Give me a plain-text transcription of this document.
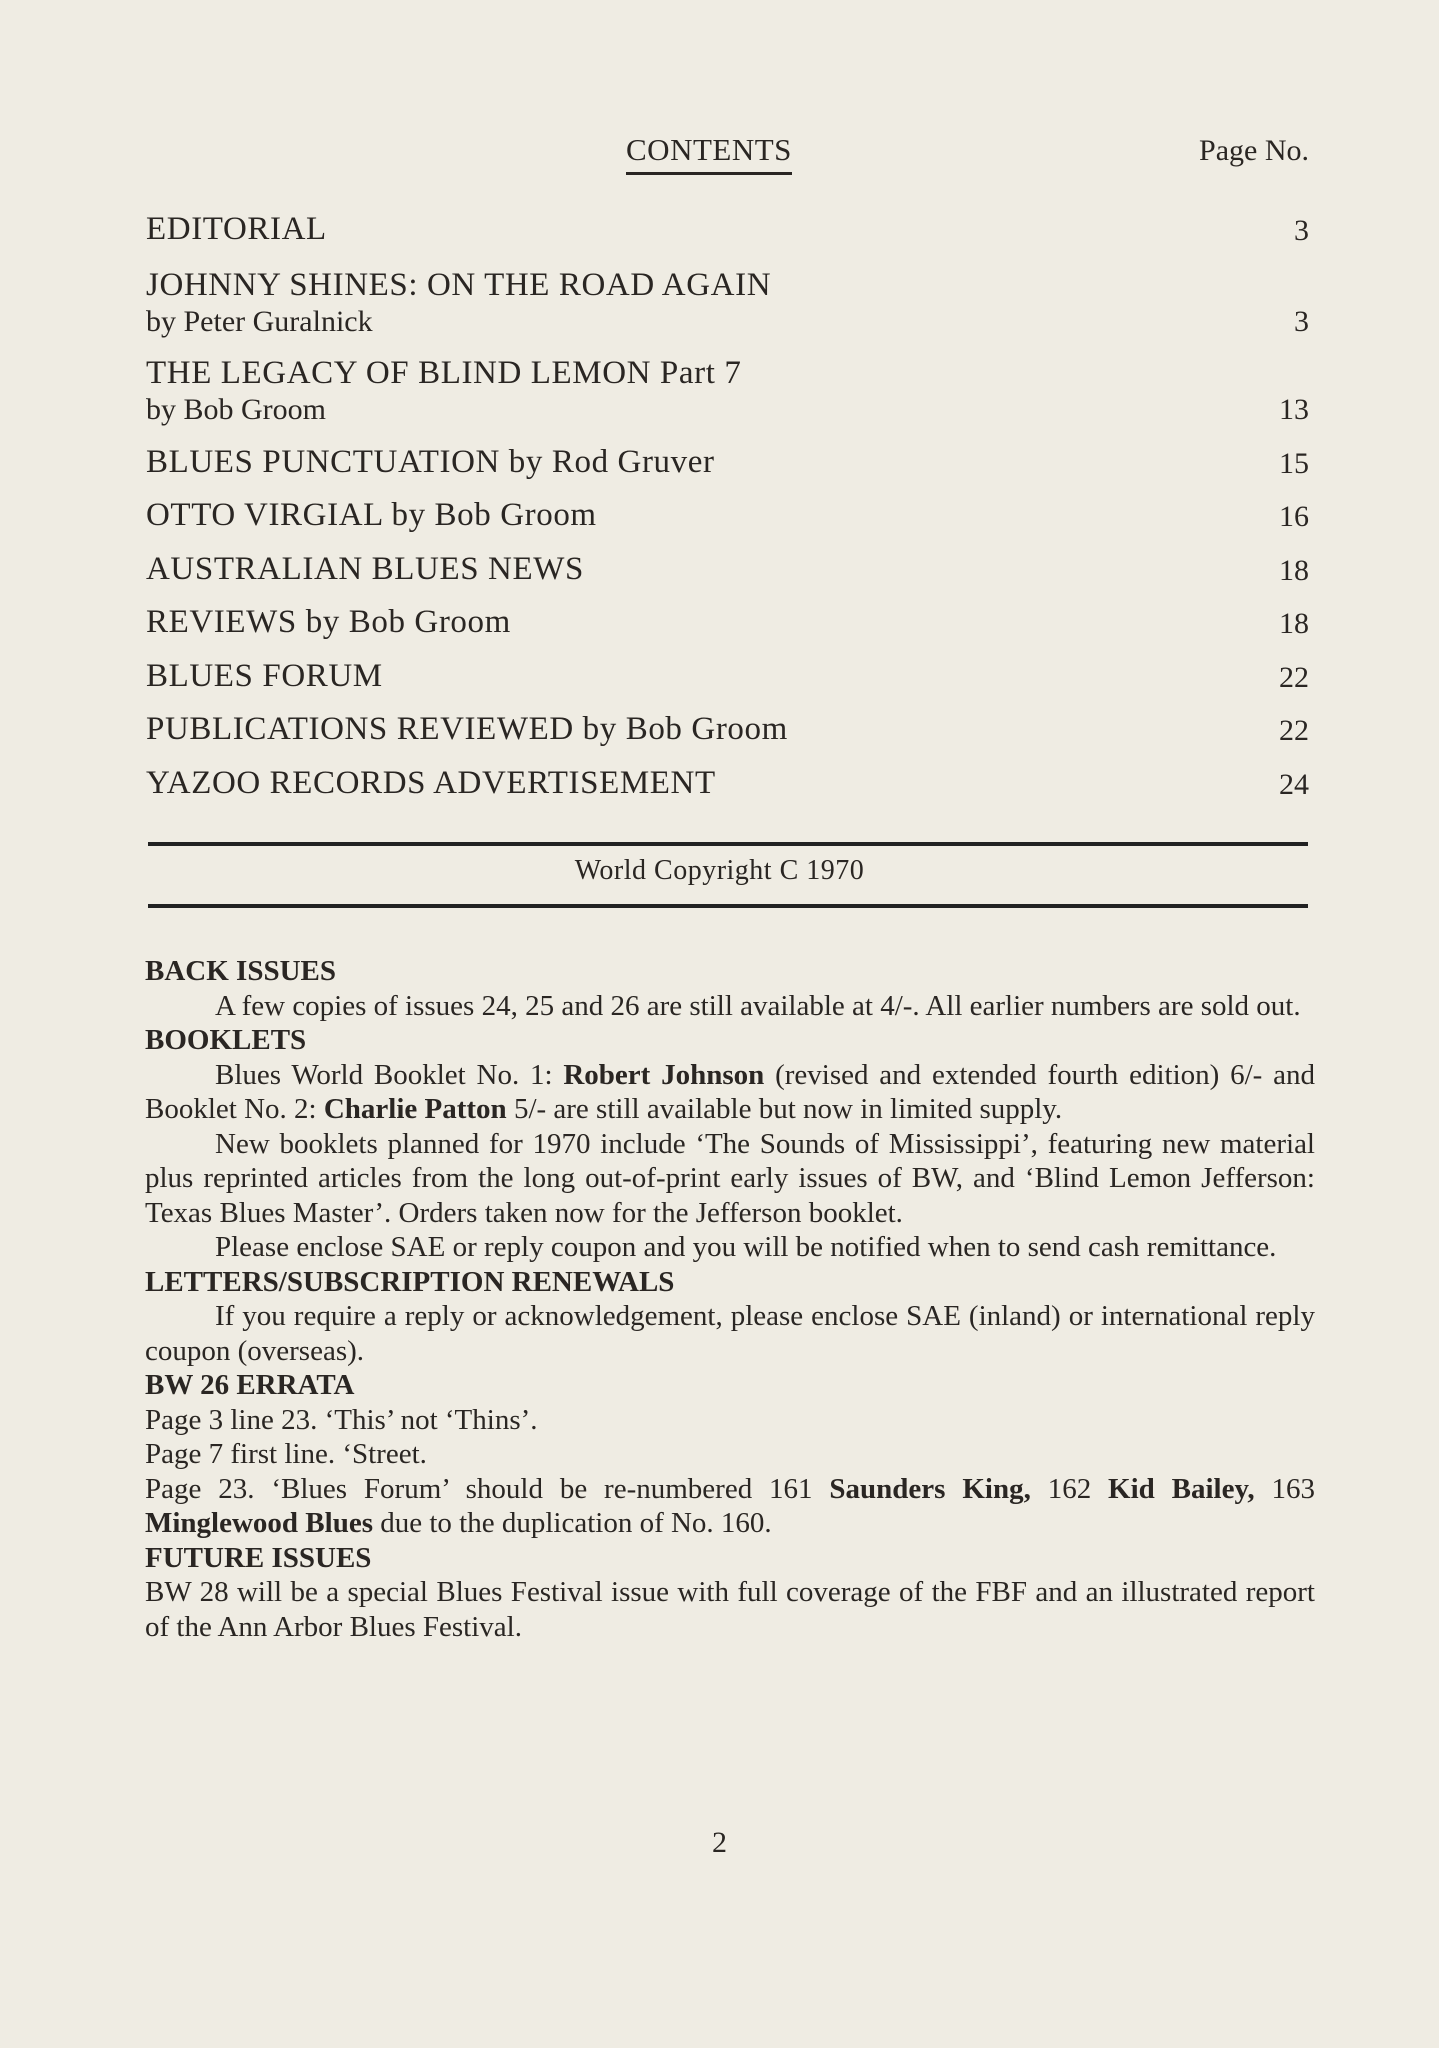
CONTENTS	Page No.
EDITORIAL	3
JOHNNY SHINES: ON THE ROAD AGAIN
by Peter Guralnick	3
THE LEGACY OF BLIND LEMON Part 7
by Bob Groom	13
BLUES PUNCTUATION by Rod Gruver	15
OTTO VIRGIAL by Bob Groom	16
AUSTRALIAN BLUES NEWS	18
REVIEWS by Bob Groom	18
BLUES FORUM	22
PUBLICATIONS REVIEWED by Bob Groom	22
YAZOO RECORDS ADVERTISEMENT	24
World Copyright C 1970
BACK ISSUES

A few copies of issues 24, 25 and 26 are still available at 4/-. All earlier numbers are sold out.

BOOKLETS

Blues World Booklet No. 1: Robert Johnson (revised and extended fourth edition) 6/- and Booklet No. 2: Charlie Patton 5/- are still available but now in limited supply.

New booklets planned for 1970 include ‘The Sounds of Mississippi’, featuring new material plus reprinted articles from the long out-of-print early issues of BW, and ‘Blind Lemon Jefferson: Texas Blues Master’. Orders taken now for the Jefferson booklet.

Please enclose SAE or reply coupon and you will be notified when to send cash remittance.

LETTERS/SUBSCRIPTION RENEWALS

If you require a reply or acknowledgement, please enclose SAE (inland) or international reply coupon (overseas).

BW 26 ERRATA

Page 3 line 23. ‘This’ not ‘Thins’.

Page 7 first line. ‘Street.

Page 23. ‘Blues Forum’ should be re-numbered 161 Saunders King, 162 Kid Bailey, 163 Minglewood Blues due to the duplication of No. 160.

FUTURE ISSUES

BW 28 will be a special Blues Festival issue with full coverage of the FBF and an illustrated report of the Ann Arbor Blues Festival.

2
